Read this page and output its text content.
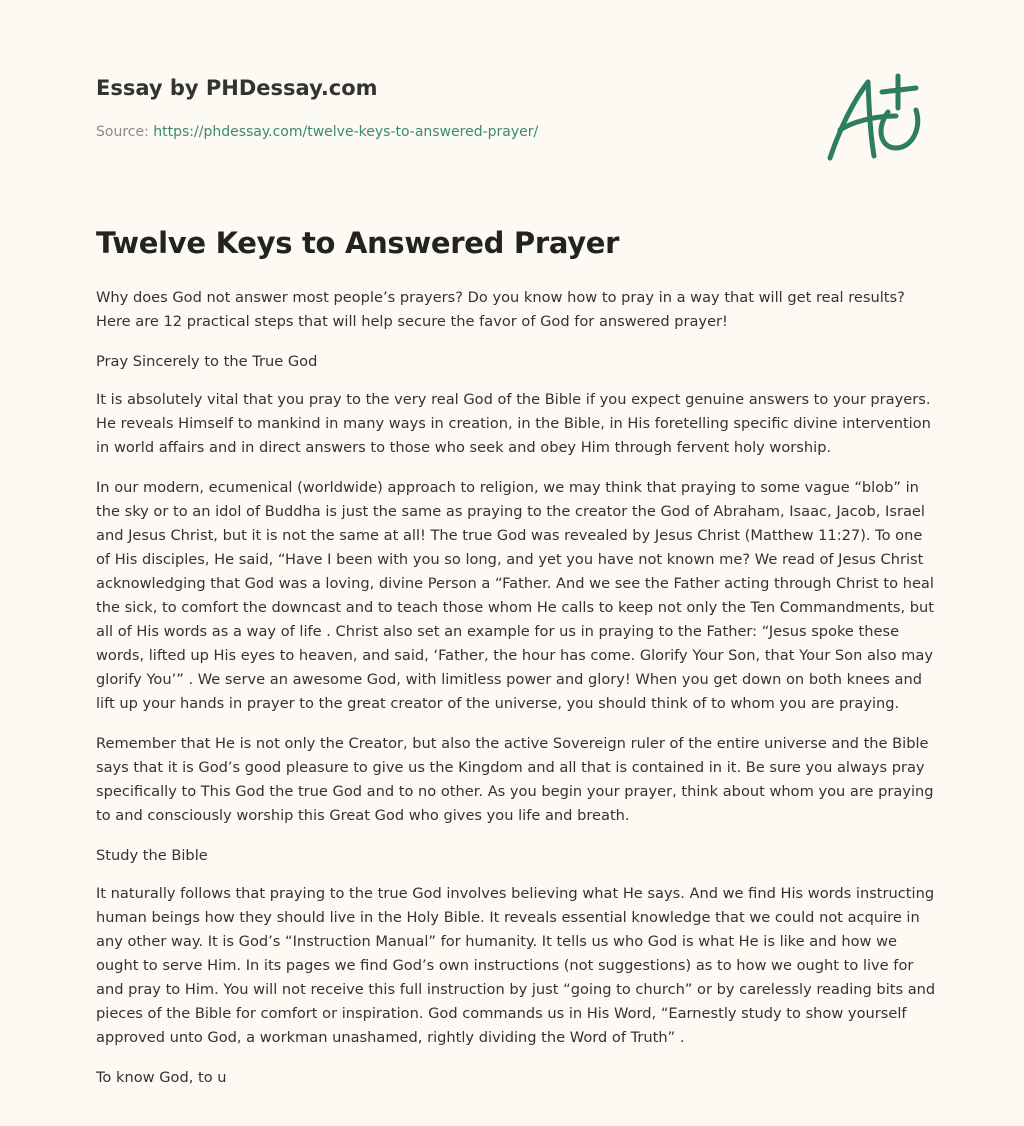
Essay by PHDessay.com
Source: https://phdessay.com/twelve-keys-to-answered-prayer/
Twelve Keys to Answered Prayer

Why does God not answer most people’s prayers? Do you know how to pray in a way that will get real results? Here are 12 practical steps that will help secure the favor of God for answered prayer!

Pray Sincerely to the True God

It is absolutely vital that you pray to the very real God of the Bible if you expect genuine answers to your prayers. He reveals Himself to mankind in many ways in creation, in the Bible, in His foretelling specific divine intervention in world affairs and in direct answers to those who seek and obey Him through fervent holy worship.

In our modern, ecumenical (worldwide) approach to religion, we may think that praying to some vague “blob” in the sky or to an idol of Buddha is just the same as praying to the creator the God of Abraham, Isaac, Jacob, Israel and Jesus Christ, but it is not the same at all! The true God was revealed by Jesus Christ (Matthew 11:27). To one of His disciples, He said, “Have I been with you so long, and yet you have not known me? We read of Jesus Christ acknowledging that God was a loving, divine Person a “Father. And we see the Father acting through Christ to heal the sick, to comfort the downcast and to teach those whom He calls to keep not only the Ten Commandments, but all of His words as a way of life . Christ also set an example for us in praying to the Father: “Jesus spoke these words, lifted up His eyes to heaven, and said, ‘Father, the hour has come. Glorify Your Son, that Your Son also may glorify You’” . We serve an awesome God, with limitless power and glory! When you get down on both knees and lift up your hands in prayer to the great creator of the universe, you should think of to whom you are praying.

Remember that He is not only the Creator, but also the active Sovereign ruler of the entire universe and the Bible says that it is God’s good pleasure to give us the Kingdom and all that is contained in it. Be sure you always pray specifically to This God the true God and to no other. As you begin your prayer, think about whom you are praying to and consciously worship this Great God who gives you life and breath.

Study the Bible

It naturally follows that praying to the true God involves believing what He says. And we find His words instructing human beings how they should live in the Holy Bible. It reveals essential knowledge that we could not acquire in any other way. It is God’s “Instruction Manual” for humanity. It tells us who God is what He is like and how we ought to serve Him. In its pages we find God’s own instructions (not suggestions) as to how we ought to live for and pray to Him. You will not receive this full instruction by just “going to church” or by carelessly reading bits and pieces of the Bible for comfort or inspiration. God commands us in His Word, “Earnestly study to show yourself approved unto God, a workman unashamed, rightly dividing the Word of Truth” .

To know God, to u
